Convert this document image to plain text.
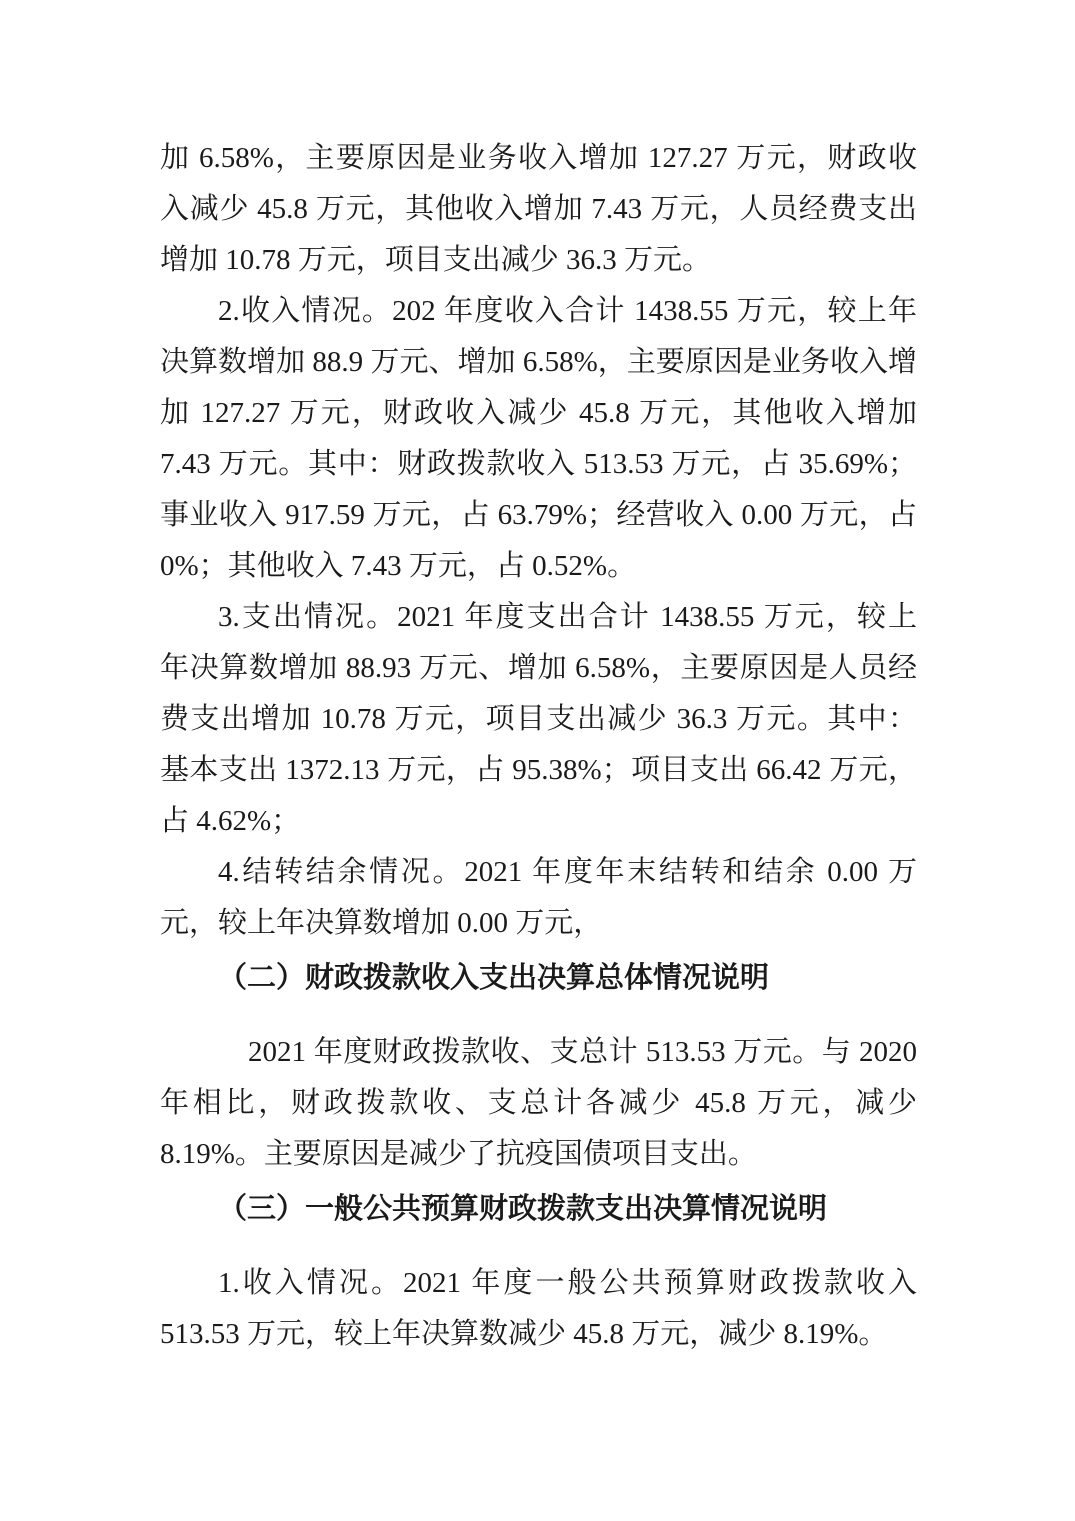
加 6.58%，主要原因是业务收入增加 127.27 万元，财政收
入减少 45.8 万元，其他收入增加 7.43 万元，人员经费支出
增加 10.78 万元，项目支出减少 36.3 万元。
2.收入情况。202 年度收入合计 1438.55 万元，较上年
决算数增加 88.9 万元、增加 6.58%，主要原因是业务收入增
加 127.27 万元，财政收入减少 45.8 万元，其他收入增加
7.43 万元。其中：财政拨款收入 513.53 万元，占 35.69%；
事业收入 917.59 万元，占 63.79%；经营收入 0.00 万元，占
0%；其他收入 7.43 万元，占 0.52%。
3.支出情况。2021 年度支出合计 1438.55 万元，较上
年决算数增加 88.93 万元、增加 6.58%，主要原因是人员经
费支出增加 10.78 万元，项目支出减少 36.3 万元。其中：
基本支出 1372.13 万元，占 95.38%；项目支出 66.42 万元，
占 4.62%；
4.结转结余情况。2021 年度年末结转和结余 0.00 万
元，较上年决算数增加 0.00 万元，
（二）财政拨款收入支出决算总体情况说明
2021 年度财政拨款收、支总计 513.53 万元。与 2020
年相比，财政拨款收、支总计各减少 45.8 万元，减少
8.19%。主要原因是减少了抗疫国债项目支出。
（三）一般公共预算财政拨款支出决算情况说明
1.收入情况。2021 年度一般公共预算财政拨款收入
513.53 万元，较上年决算数减少 45.8 万元，减少 8.19%。
